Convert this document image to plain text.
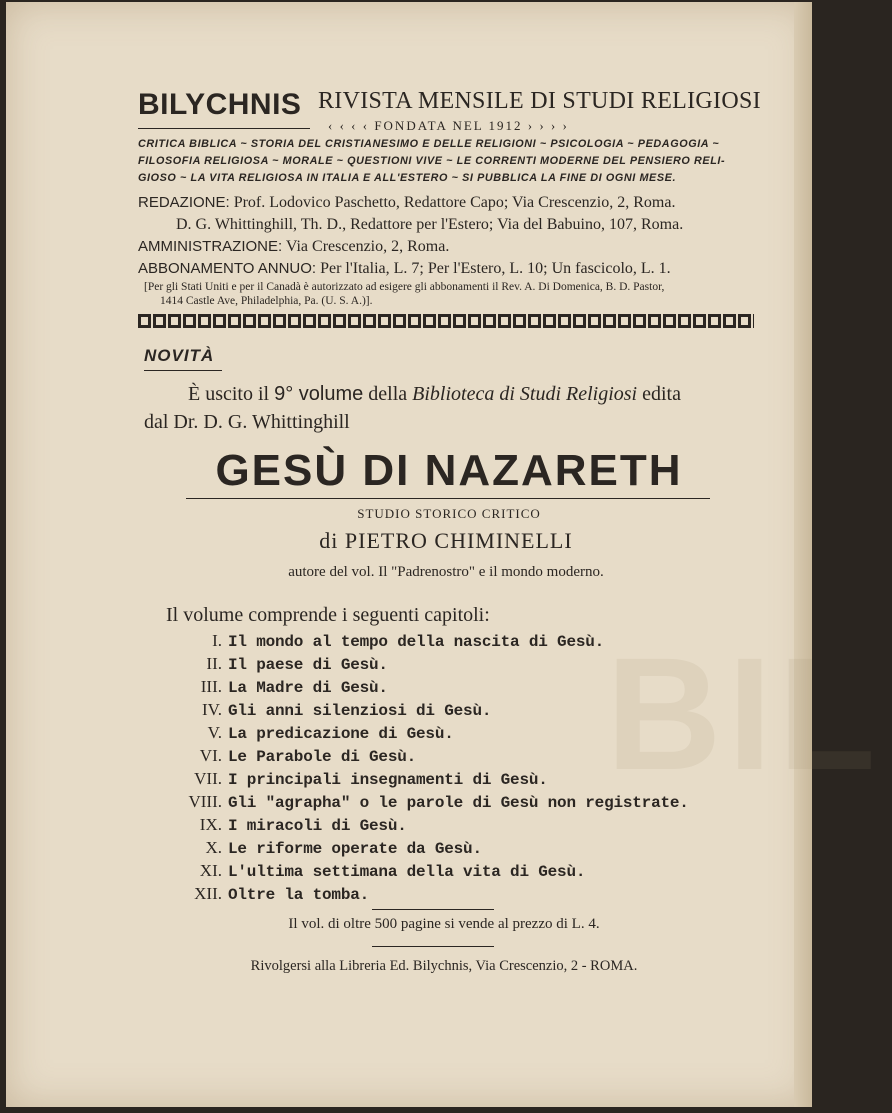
BIL
BILYCHNIS RIVISTA MENSILE DI STUDI RELIGIOSI
‹ ‹ ‹ ‹ FONDATA NEL 1912 › › › ›
CRITICA BIBLICA ~ STORIA DEL CRISTIANESIMO E DELLE RELIGIONI ~ PSICOLOGIA ~ PEDAGOGIA ~
FILOSOFIA RELIGIOSA ~ MORALE ~ QUESTIONI VIVE ~ LE CORRENTI MODERNE DEL PENSIERO RELI-
GIOSO ~ LA VITA RELIGIOSA IN ITALIA E ALL'ESTERO ~ SI PUBBLICA LA FINE DI OGNI MESE.
REDAZIONE: Prof. Lodovico Paschetto, Redattore Capo; Via Crescenzio, 2, Roma.
D. G. Whittinghill, Th. D., Redattore per l'Estero; Via del Babuino, 107, Roma.
AMMINISTRAZIONE: Via Crescenzio, 2, Roma.
ABBONAMENTO ANNUO: Per l'Italia, L. 7; Per l'Estero, L. 10; Un fascicolo, L. 1.
[Per gli Stati Uniti e per il Canadà è autorizzato ad esigere gli abbonamenti il Rev. A. Di Domenica, B. D. Pastor,
1414 Castle Ave, Philadelphia, Pa. (U. S. A.)].
NOVITÀ
È uscito il 9° volume della Biblioteca di Studi Religiosi edita
dal Dr. D. G. Whittinghill
GESÙ DI NAZARETH
STUDIO STORICO CRITICO
di PIETRO CHIMINELLI
autore del vol. Il "Padrenostro" e il mondo moderno.
Il volume comprende i seguenti capitoli:
I. Il mondo al tempo della nascita di Gesù.
II. Il paese di Gesù.
III. La Madre di Gesù.
IV. Gli anni silenziosi di Gesù.
V. La predicazione di Gesù.
VI. Le Parabole di Gesù.
VII. I principali insegnamenti di Gesù.
VIII. Gli "agrapha" o le parole di Gesù non registrate.
IX. I miracoli di Gesù.
X. Le riforme operate da Gesù.
XI. L'ultima settimana della vita di Gesù.
XII. Oltre la tomba.
Il vol. di oltre 500 pagine si vende al prezzo di L. 4.
Rivolgersi alla Libreria Ed. Bilychnis, Via Crescenzio, 2 - ROMA.
